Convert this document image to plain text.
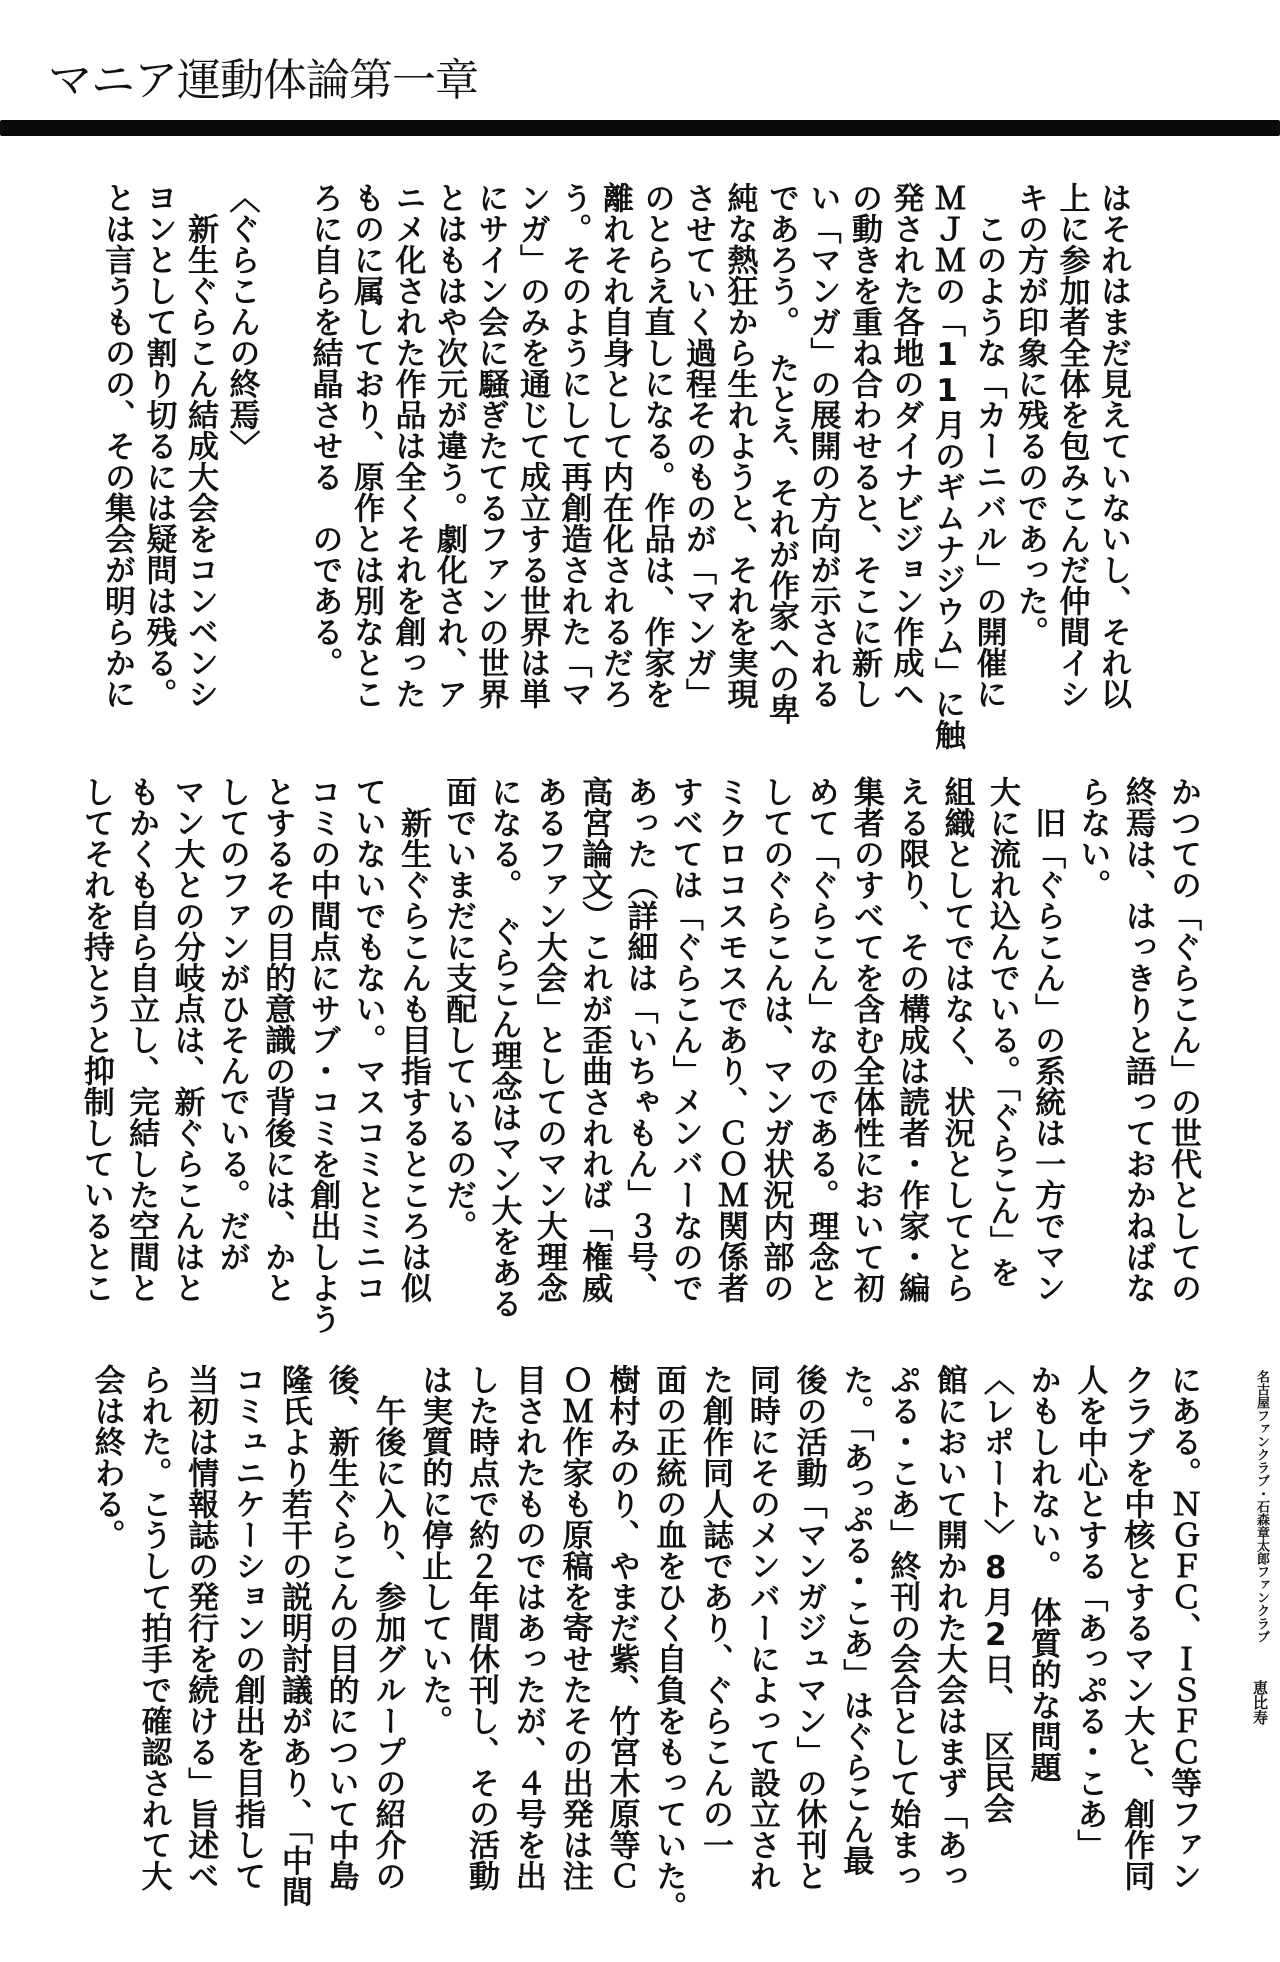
マニア運動体論第一章
はそれはまだ見えていないし、それ以
上に参加者全体を包みこんだ仲間イシ
キの方が印象に残るのであった。
　このような「カーニバル」の開催に
ＭＪＭの「11月のギムナジウム」に触
発された各地のダイナビジョン作成へ
の動きを重ね合わせると、そこに新し
い「マンガ」の展開の方向が示される
であろう。　たとえ、それが作家への卑
純な熱狂から生れようと、それを実現
させていく過程そのものが「マンガ」
のとらえ直しになる。作品は、作家を
離れそれ自身として内在化されるだろ
う。そのようにして再創造された「マ
ンガ」のみを通じて成立する世界は単
にサイン会に騒ぎたてるファンの世界
とはもはや次元が違う。劇化され、ア
ニメ化された作品は全くそれを創った
ものに属しており、原作とは別なとこ
ろに自らを結晶させる　のである。
〈ぐらこんの終焉〉
　新生ぐらこん結成大会をコンベンシ
ヨンとして割り切るには疑問は残る。
とは言うものの、その集会が明らかに
かつての「ぐらこん」の世代としての
終焉は、はっきりと語っておかねばな
らない。
　旧「ぐらこん」の系統は一方でマン
大に流れ込んでいる。「ぐらこん」を
組織としてではなく、状況としてとら
える限り、その構成は読者・作家・編
集者のすべてを含む全体性において初
めて「ぐらこん」なのである。理念と
してのぐらこんは、マンガ状況内部の
ミクロコスモスであり、ＣＯＭ関係者
すべては「ぐらこん」メンバーなので
あった（詳細は「いちゃもん」３号、
高宮論文）これが歪曲されれば「権威
あるファン大会」としてのマン大理念
になる。　ぐらこん理念はマン大をある
面でいまだに支配しているのだ。
　新生ぐらこんも目指するところは似
ていないでもない。マスコミとミニコ
コミの中間点にサブ・コミを創出しよう
とするその目的意識の背後には、かと
してのファンがひそんでいる。だが
マン大との分岐点は、新ぐらこんはと
もかくも自ら自立し、完結した空間と
してそれを持とうと抑制しているとこ
にある。ＮＧＦＣ、ＩＳＦＣ等ファン
クラブを中核とするマン大と、創作同
人を中心とする「あっぷる・こあ」
かもしれない。　体質的な問題
〈レポート〉8月2日、　区民会
館において開かれた大会はまず「あっ
ぷる・こあ」終刊の会合として始まっ
た。「あっぷる・こあ」はぐらこん最
後の活動「マンガジュマン」の休刊と
同時にそのメンバーによって設立され
た創作同人誌であり、ぐらこんの一
面の正統の血をひく自負をもっていた。
樹村みのり、やまだ紫、竹宮木原等Ｃ
ＯＭ作家も原稿を寄せたその出発は注
目されたものではあったが、４号を出
した時点で約２年間休刊し、その活動
は実質的に停止していた。
　午後に入り、参加グループの紹介の
後、新生ぐらこんの目的について中島
隆氏より若干の説明討議があり、「中間
コミュニケーションの創出を目指して
当初は情報誌の発行を続ける」旨述べ
られた。こうして拍手で確認されて大
会は終わる。	名古屋ファンクラブ・石森章太郎ファンクラブ
恵比寿
